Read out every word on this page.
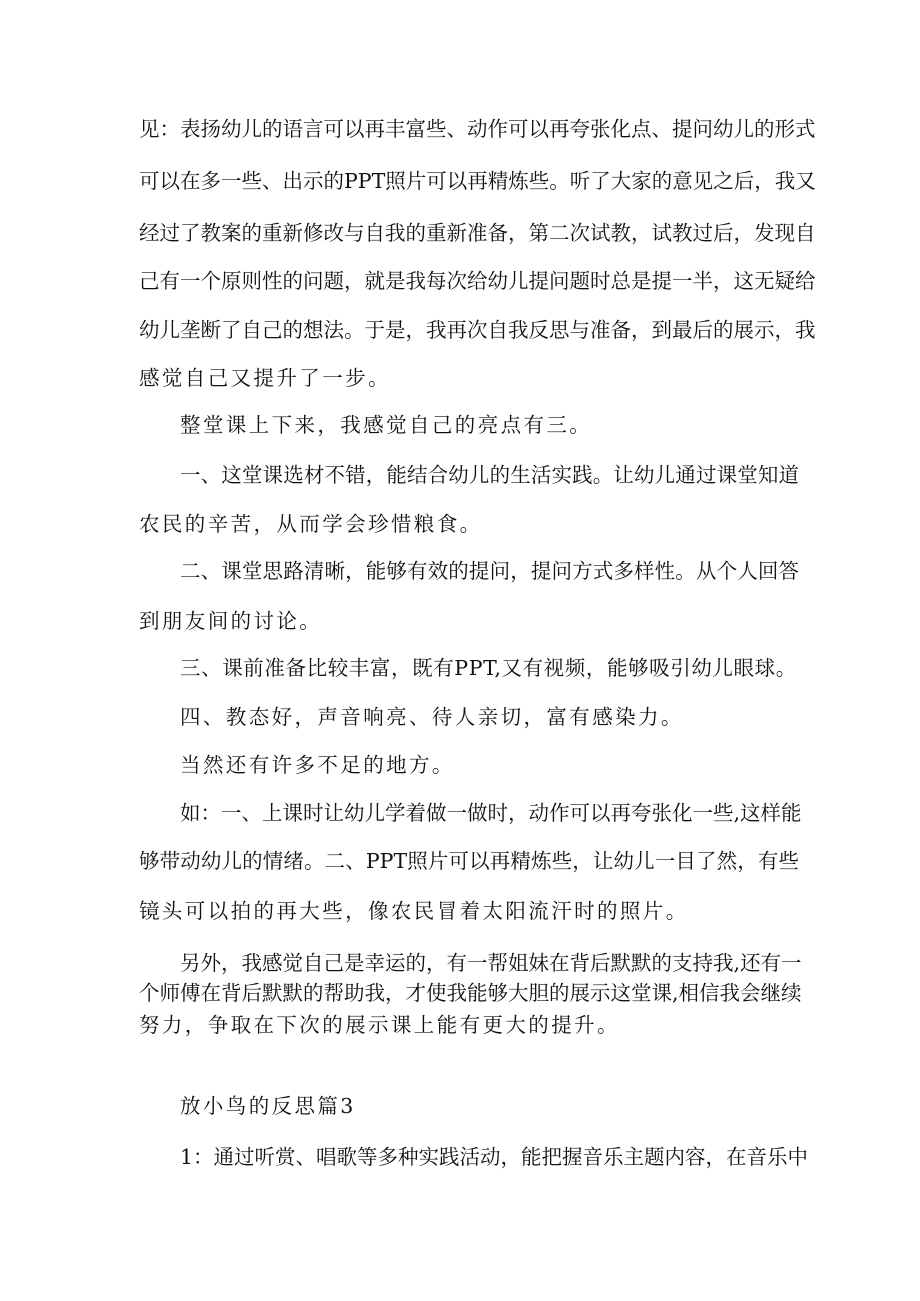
见：表扬幼儿的语言可以再丰富些、动作可以再夸张化点、提问幼儿的形式
可以在多一些、出示的PPT照片可以再精炼些。听了大家的意见之后，我又
经过了教案的重新修改与自我的重新准备，第二次试教，试教过后，发现自
己有一个原则性的问题，就是我每次给幼儿提问题时总是提一半，这无疑给
幼儿垄断了自己的想法。于是，我再次自我反思与准备，到最后的展示，我
感觉自己又提升了一步。
整堂课上下来，我感觉自己的亮点有三。
一、这堂课选材不错，能结合幼儿的生活实践。让幼儿通过课堂知道
农民的辛苦，从而学会珍惜粮食。
二、课堂思路清晰，能够有效的提问，提问方式多样性。从个人回答
到朋友间的讨论。
三、课前准备比较丰富，既有PPT,又有视频，能够吸引幼儿眼球。
四、教态好，声音响亮、待人亲切，富有感染力。
当然还有许多不足的地方。
如：一、上课时让幼儿学着做一做时，动作可以再夸张化一些,这样能
够带动幼儿的情绪。二、PPT照片可以再精炼些，让幼儿一目了然，有些
镜头可以拍的再大些，像农民冒着太阳流汗时的照片。
另外，我感觉自己是幸运的，有一帮姐妹在背后默默的支持我,还有一
个师傅在背后默默的帮助我，才使我能够大胆的展示这堂课,相信我会继续
努力，争取在下次的展示课上能有更大的提升。
放小鸟的反思篇3
1：通过听赏、唱歌等多种实践活动，能把握音乐主题内容，在音乐中
